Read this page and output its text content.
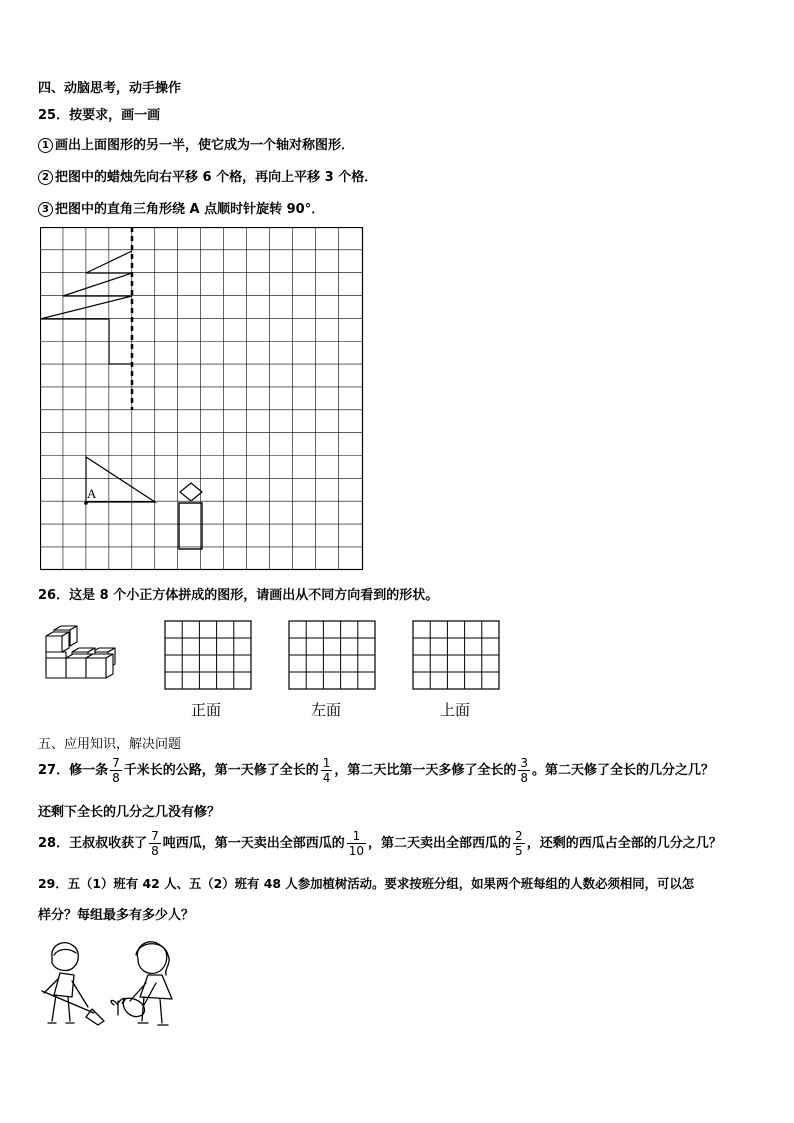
四、动脑思考，动手操作
25．按要求，画一画
1 画出上面图形的另一半，使它成为一个轴对称图形．
2 把图中的蜡烛先向右平移 6 个格，再向上平移 3 个格．
3 把图中的直角三角形绕 A 点顺时针旋转 90°．
A
26．这是 8 个小正方体拼成的图形，请画出从不同方向看到的形状。
正面	左面	上面
五、应用知识，解决问题
27．修一条 $\frac{7}{8}$ 千米长的公路，第一天修了全长的 $\frac{1}{4}$ ，第二天比第一天多修了全长的 $\frac{3}{8}$ 。第二天修了全长的几分之几？
还剩下全长的几分之几没有修？
28．王叔叔收获了 $\frac{7}{8}$ 吨西瓜，第一天卖出全部西瓜的 $\frac{1}{10}$ ，第二天卖出全部西瓜的 $\frac{2}{5}$ ，还剩的西瓜占全部的几分之几？
29．五（1）班有 42 人、五（2）班有 48 人参加植树活动。要求按班分组，如果两个班每组的人数必须相同，可以怎
样分？每组最多有多少人？
